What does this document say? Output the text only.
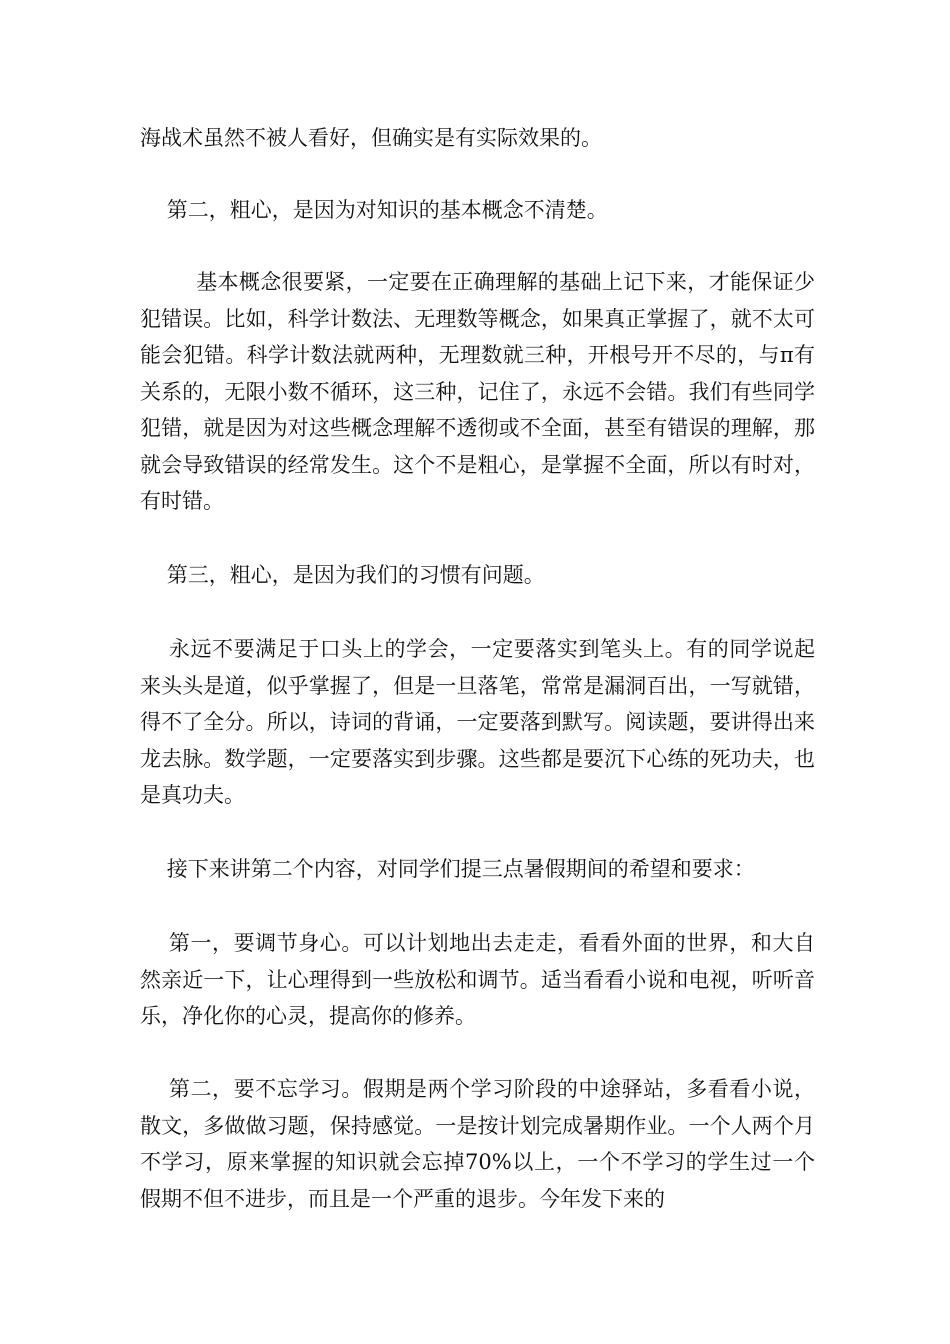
海战术虽然不被人看好，但确实是有实际效果的。

第二，粗心，是因为对知识的基本概念不清楚。

基本概念很要紧，一定要在正确理解的基础上记下来，才能保证少犯错误。比如，科学计数法、无理数等概念，如果真正掌握了，就不太可能会犯错。科学计数法就两种，无理数就三种，开根号开不尽的，与π有关系的，无限小数不循环，这三种，记住了，永远不会错。我们有些同学犯错，就是因为对这些概念理解不透彻或不全面，甚至有错误的理解，那就会导致错误的经常发生。这个不是粗心，是掌握不全面，所以有时对，有时错。

第三，粗心，是因为我们的习惯有问题。

永远不要满足于口头上的学会，一定要落实到笔头上。有的同学说起来头头是道，似乎掌握了，但是一旦落笔，常常是漏洞百出，一写就错，得不了全分。所以，诗词的背诵，一定要落到默写。阅读题，要讲得出来龙去脉。数学题，一定要落实到步骤。这些都是要沉下心练的死功夫，也是真功夫。

接下来讲第二个内容，对同学们提三点暑假期间的希望和要求：

第一，要调节身心。可以计划地出去走走，看看外面的世界，和大自然亲近一下，让心理得到一些放松和调节。适当看看小说和电视，听听音乐，净化你的心灵，提高你的修养。

第二，要不忘学习。假期是两个学习阶段的中途驿站，多看看小说，散文，多做做习题，保持感觉。一是按计划完成暑期作业。一个人两个月不学习，原来掌握的知识就会忘掉70%以上，一个不学习的学生过一个假期不但不进步，而且是一个严重的退步。今年发下来的
